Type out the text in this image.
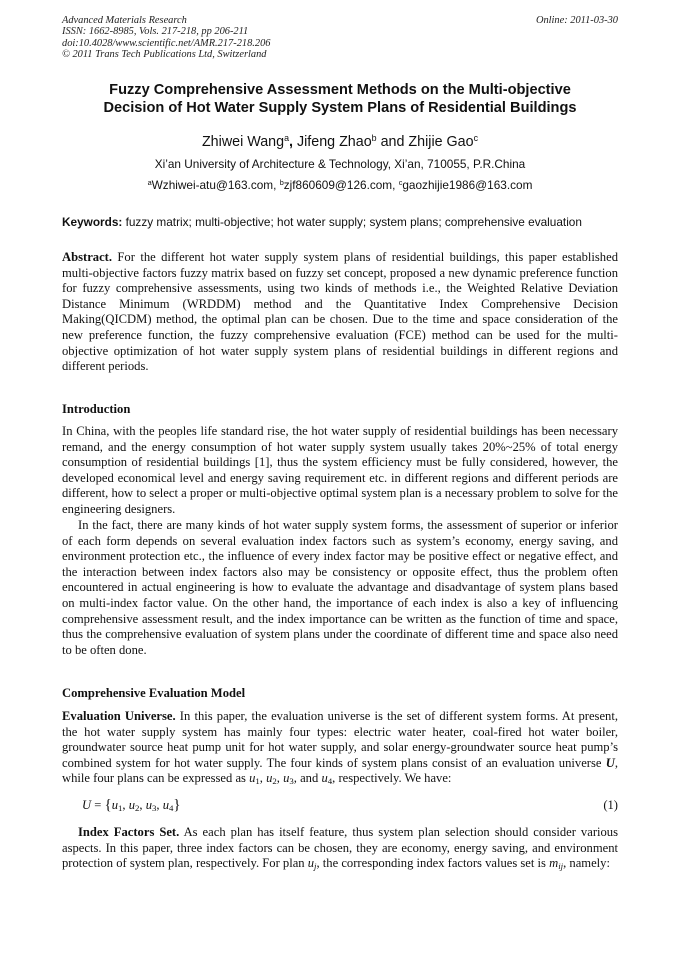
Advanced Materials Research
ISSN: 1662-8985, Vols. 217-218, pp 206-211
doi:10.4028/www.scientific.net/AMR.217-218.206
© 2011 Trans Tech Publications Ltd, Switzerland
Online: 2011-03-30
Fuzzy Comprehensive Assessment Methods on the Multi-objective
Decision of Hot Water Supply System Plans of Residential Buildings
Zhiwei Wang$^a$, Jifeng Zhao$^b$ and Zhijie Gao$^c$
Xi’an University of Architecture & Technology, Xi’an, 710055, P.R.China
$^a$Wzhiwei-atu@163.com, $^b$zjf860609@126.com, $^c$gaozhijie1986@163.com
Keywords: fuzzy matrix; multi-objective; hot water supply; system plans; comprehensive evaluation
Abstract. For the different hot water supply system plans of residential buildings, this paper established multi-objective factors fuzzy matrix based on fuzzy set concept, proposed a new dynamic preference function for fuzzy comprehensive assessments, using two kinds of methods i.e., the Weighted Relative Deviation Distance Minimum (WRDDM) method and the Quantitative Index Comprehensive Decision Making(QICDM) method, the optimal plan can be chosen. Due to the time and space consideration of the new preference function, the fuzzy comprehensive evaluation (FCE) method can be used for the multi-objective optimization of hot water supply system plans of residential buildings in different regions and different periods.
Introduction
In China, with the peoples life standard rise, the hot water supply of residential buildings has been necessary remand, and the energy consumption of hot water supply system usually takes 20%~25% of total energy consumption of residential buildings [1], thus the system efficiency must be fully considered, however, the developed economical level and energy saving requirement etc. in different regions and different periods are different, how to select a proper or multi-objective optimal system plan is a necessary problem to solve for the engineering designers.
In the fact, there are many kinds of hot water supply system forms, the assessment of superior or inferior of each form depends on several evaluation index factors such as system’s economy, energy saving, and environment protection etc., the influence of every index factor may be positive effect or negative effect, and the interaction between index factors also may be consistency or opposite effect, thus the problem often encountered in actual engineering is how to evaluate the advantage and disadvantage of system plans based on multi-index factor value. On the other hand, the importance of each index is also a key of influencing comprehensive assessment result, and the index importance can be written as the function of time and space, thus the comprehensive evaluation of system plans under the coordinate of different time and space also need to be often done.
Comprehensive Evaluation Model
Evaluation Universe. In this paper, the evaluation universe is the set of different system forms. At present, the hot water supply system has mainly four types: electric water heater, coal-fired hot water boiler, groundwater source heat pump unit for hot water supply, and solar energy-groundwater source heat pump’s combined system for hot water supply. The four kinds of system plans consist of an evaluation universe U, while four plans can be expressed as $u_1$, $u_2$, $u_3$, and $u_4$, respectively. We have:
$U = \{u_1$, $u_2$, $u_3$, $u_4$}	(1)
Index Factors Set. As each plan has itself feature, thus system plan selection should consider various aspects. In this paper, three index factors can be chosen, they are economy, energy saving, and environment protection of system plan, respectively. For plan $u_j$, the corresponding index factors values set is $m_{ij}$, namely:
